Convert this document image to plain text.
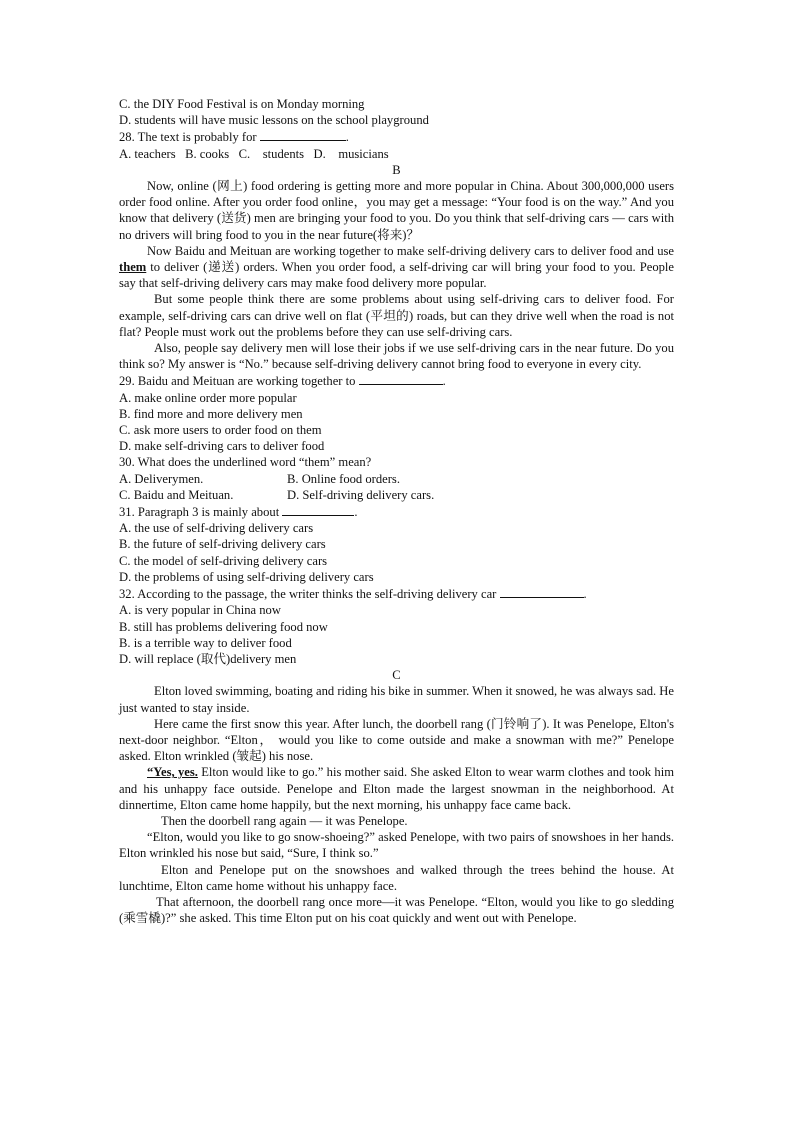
C. the DIY Food Festival is on Monday morning
D. students will have music lessons on the school playground
28. The text is probably for	.
A. teachers   B. cooks   C.    students   D.    musicians
B

Now, online (网上) food ordering is getting more and more popular in China. About 300,000,000 users order food online. After you order food online，you may get a message: “Your food is on the way.” And you know that delivery (送货) men are bringing your food to you. Do you think that self-driving cars — cars with no drivers will bring food to you in the near future(将来)？

Now Baidu and Meituan are working together to make self-driving delivery cars to deliver food and use them to deliver (递送) orders. When you order food, a self-driving car will bring your food to you. People say that self-driving delivery cars may make food delivery more popular.

But some people think there are some problems about using self-driving cars to deliver food. For example, self-driving cars can drive well on flat (平坦的) roads, but can they drive well when the road is not flat? People must work out the problems before they can use self-driving cars.

Also, people say delivery men will lose their jobs if we use self-driving cars in the near future. Do you think so? My answer is “No.” because self-driving delivery cannot bring food to everyone in every city.

29. Baidu and Meituan are working together to	.
A. make online order more popular
B. find more and more delivery men
C. ask more users to order food on them
D. make self-driving cars to deliver food
30. What does the underlined word “them” mean?
A. Deliverymen.	B. Online food orders.
C. Baidu and Meituan.	D. Self-driving delivery cars.
31. Paragraph 3 is mainly about	.
A. the use of self-driving delivery cars
B. the future of self-driving delivery cars
C. the model of self-driving delivery cars
D. the problems of using self-driving delivery cars
32. According to the passage, the writer thinks the self-driving delivery car	.
A. is very popular in China now
B. still has problems delivering food now
B. is a terrible way to deliver food
D. will replace (取代)delivery men
C

Elton loved swimming, boating and riding his bike in summer. When it snowed, he was always sad. He just wanted to stay inside.

Here came the first snow this year. After lunch, the doorbell rang (门铃响了). It was Penelope, Elton's next-door neighbor. “Elton， would you like to come outside and make a snowman with me?” Penelope asked. Elton wrinkled (皱起) his nose.

“Yes, yes. Elton would like to go.” his mother said. She asked Elton to wear warm clothes and took him and his unhappy face outside. Penelope and Elton made the largest snowman in the neighborhood. At dinnertime, Elton came home happily, but the next morning, his unhappy face came back.

Then the doorbell rang again — it was Penelope.

“Elton, would you like to go snow-shoeing?” asked Penelope, with two pairs of snowshoes in her hands. Elton wrinkled his nose but said, “Sure, I think so.”

Elton and Penelope put on the snowshoes and walked through the trees behind the house. At lunchtime, Elton came home without his unhappy face.

That afternoon, the doorbell rang once more—it was Penelope. “Elton, would you like to go sledding (乘雪橇)?” she asked. This time Elton put on his coat quickly and went out with Penelope.
